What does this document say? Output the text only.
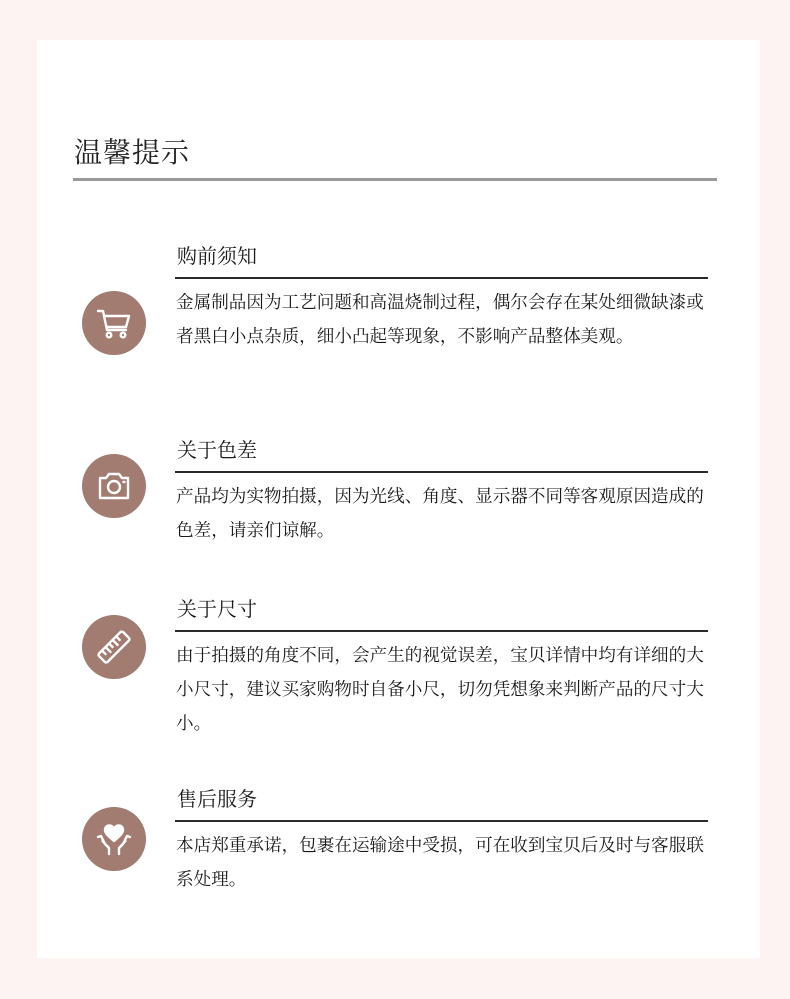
温馨提示
购前须知
金属制品因为工艺问题和高温烧制过程，偶尔会存在某处细微缺漆或者黑白小点杂质，细小凸起等现象，不影响产品整体美观。
关于色差
产品均为实物拍摄，因为光线、角度、显示器不同等客观原因造成的色差，请亲们谅解。
关于尺寸
由于拍摄的角度不同，会产生的视觉误差，宝贝详情中均有详细的大小尺寸，建议买家购物时自备小尺，切勿凭想象来判断产品的尺寸大小。
售后服务
本店郑重承诺，包裹在运输途中受损，可在收到宝贝后及时与客服联系处理。
